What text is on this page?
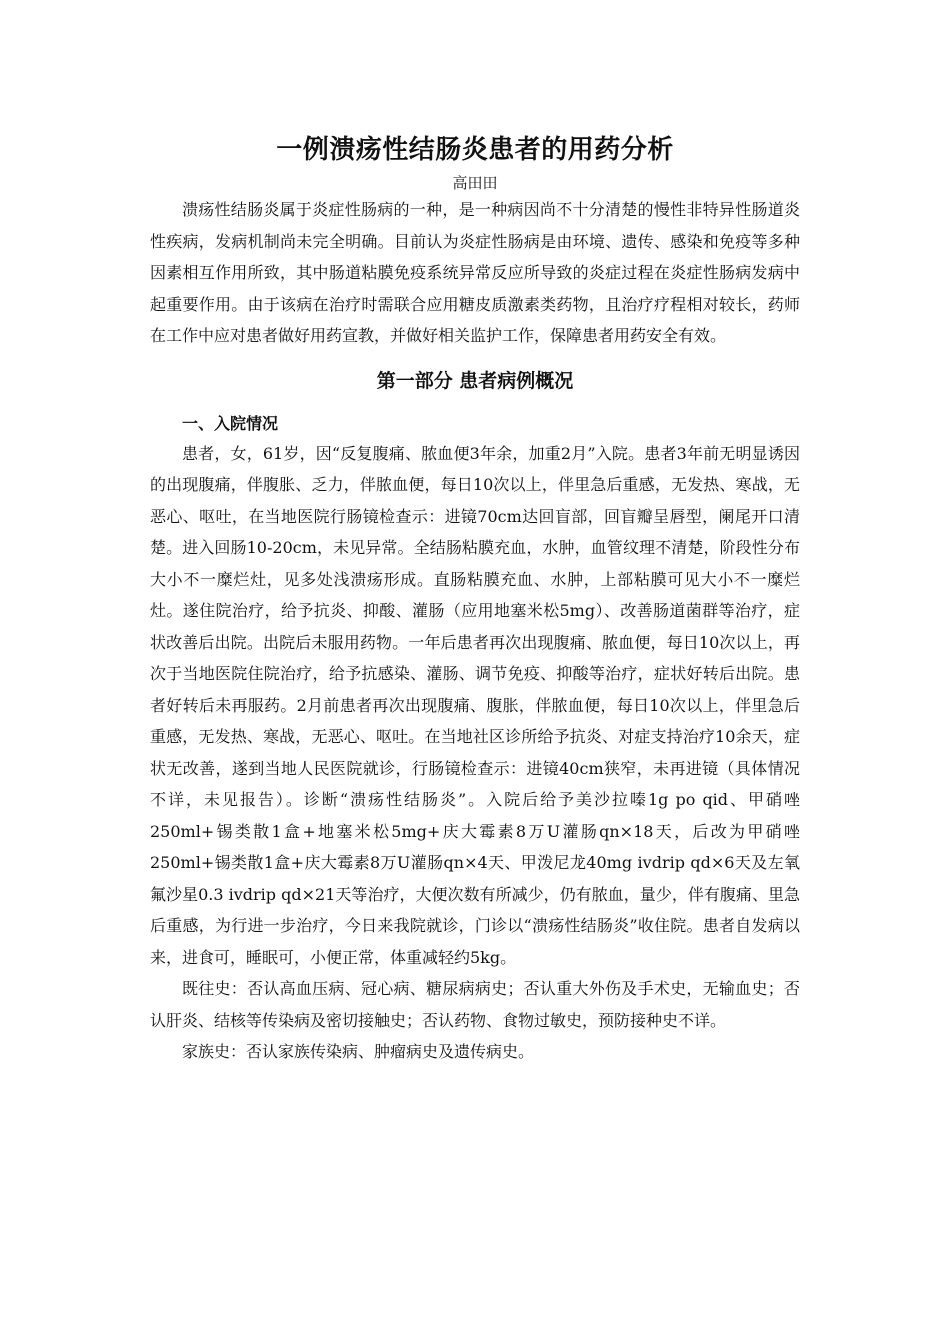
一例溃疡性结肠炎患者的用药分析

高田田

溃疡性结肠炎属于炎症性肠病的一种，是一种病因尚不十分清楚的慢性非特异性肠道炎性疾病，发病机制尚未完全明确。目前认为炎症性肠病是由环境、遗传、感染和免疫等多种因素相互作用所致，其中肠道粘膜免疫系统异常反应所导致的炎症过程在炎症性肠病发病中起重要作用。由于该病在治疗时需联合应用糖皮质激素类药物，且治疗疗程相对较长，药师在工作中应对患者做好用药宣教，并做好相关监护工作，保障患者用药安全有效。

第一部分 患者病例概况
一、入院情况

患者，女，61岁，因“反复腹痛、脓血便3年余，加重2月”入院。患者3年前无明显诱因的出现腹痛，伴腹胀、乏力，伴脓血便，每日10次以上，伴里急后重感，无发热、寒战，无恶心、呕吐，在当地医院行肠镜检查示：进镜70cm达回盲部，回盲瓣呈唇型，阑尾开口清楚。进入回肠10-20cm，未见异常。全结肠粘膜充血，水肿，血管纹理不清楚，阶段性分布大小不一糜烂灶，见多处浅溃疡形成。直肠粘膜充血、水肿，上部粘膜可见大小不一糜烂灶。遂住院治疗，给予抗炎、抑酸、灌肠（应用地塞米松5mg）、改善肠道菌群等治疗，症状改善后出院。出院后未服用药物。一年后患者再次出现腹痛、脓血便，每日10次以上，再次于当地医院住院治疗，给予抗感染、灌肠、调节免疫、抑酸等治疗，症状好转后出院。患者好转后未再服药。2月前患者再次出现腹痛、腹胀，伴脓血便，每日10次以上，伴里急后重感，无发热、寒战，无恶心、呕吐。在当地社区诊所给予抗炎、对症支持治疗10余天，症状无改善，遂到当地人民医院就诊，行肠镜检查示：进镜40cm狭窄，未再进镜（具体情况不详，未见报告）。诊断“溃疡性结肠炎”。入院后给予美沙拉嗪1g po qid、甲硝唑250ml+锡类散1盒+地塞米松5mg+庆大霉素8万U灌肠qn×18天，后改为甲硝唑250ml+锡类散1盒+庆大霉素8万U灌肠qn×4天、甲泼尼龙40mg ivdrip qd×6天及左氧氟沙星0.3 ivdrip qd×21天等治疗，大便次数有所减少，仍有脓血，量少，伴有腹痛、里急后重感，为行进一步治疗，今日来我院就诊，门诊以“溃疡性结肠炎”收住院。患者自发病以来，进食可，睡眠可，小便正常，体重减轻约5kg。

既往史：否认高血压病、冠心病、糖尿病病史；否认重大外伤及手术史，无输血史；否认肝炎、结核等传染病及密切接触史；否认药物、食物过敏史，预防接种史不详。

家族史：否认家族传染病、肿瘤病史及遗传病史。
